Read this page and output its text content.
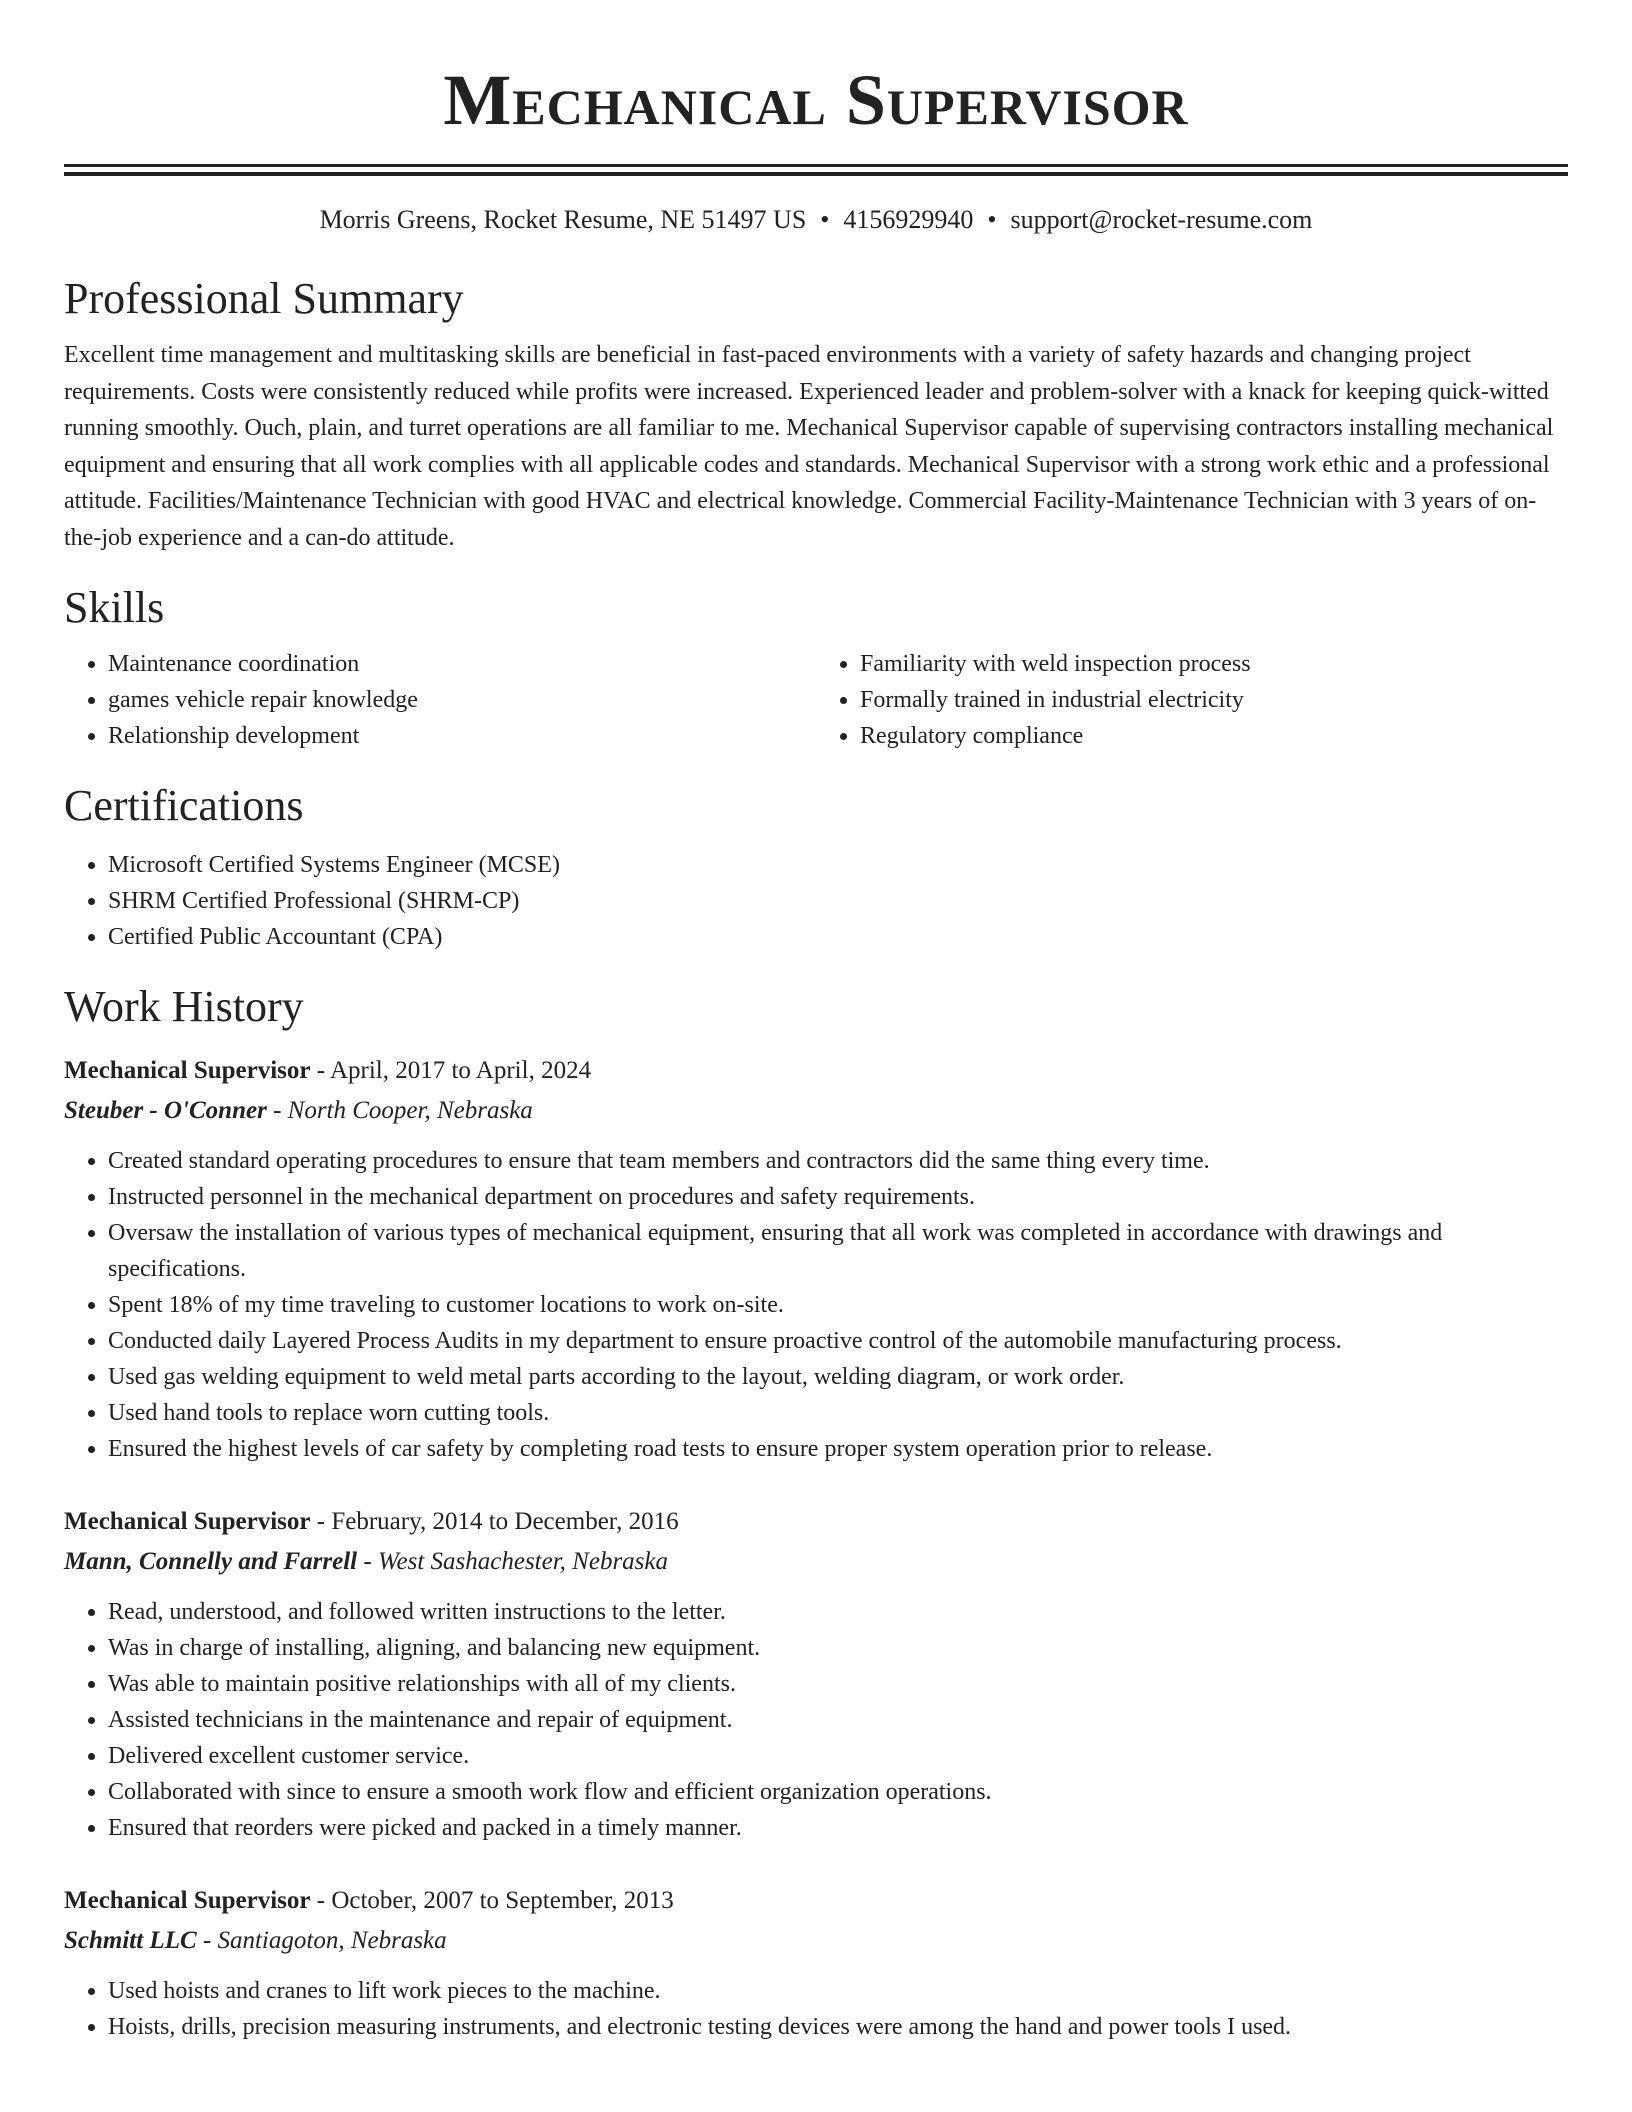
Mechanical Supervisor
Morris Greens, Rocket Resume, NE 51497 US • 4156929940 • support@rocket-resume.com
Professional Summary

Excellent time management and multitasking skills are beneficial in fast-paced environments with a variety of safety hazards and changing project requirements. Costs were consistently reduced while profits were increased. Experienced leader and problem-solver with a knack for keeping quick-witted running smoothly. Ouch, plain, and turret operations are all familiar to me. Mechanical Supervisor capable of supervising contractors installing mechanical equipment and ensuring that all work complies with all applicable codes and standards. Mechanical Supervisor with a strong work ethic and a professional attitude. Facilities/Maintenance Technician with good HVAC and electrical knowledge. Commercial Facility-Maintenance Technician with 3 years of on-the-job experience and a can-do attitude.

Skills
• Maintenance coordination
• games vehicle repair knowledge
• Relationship development
• Familiarity with weld inspection process
• Formally trained in industrial electricity
• Regulatory compliance
Certifications
• Microsoft Certified Systems Engineer (MCSE)
• SHRM Certified Professional (SHRM-CP)
• Certified Public Accountant (CPA)
Work History
Mechanical Supervisor - April, 2017 to April, 2024
Steuber - O'Conner - North Cooper, Nebraska
• Created standard operating procedures to ensure that team members and contractors did the same thing every time.
• Instructed personnel in the mechanical department on procedures and safety requirements.
• Oversaw the installation of various types of mechanical equipment, ensuring that all work was completed in accordance with drawings and specifications.
• Spent 18% of my time traveling to customer locations to work on-site.
• Conducted daily Layered Process Audits in my department to ensure proactive control of the automobile manufacturing process.
• Used gas welding equipment to weld metal parts according to the layout, welding diagram, or work order.
• Used hand tools to replace worn cutting tools.
• Ensured the highest levels of car safety by completing road tests to ensure proper system operation prior to release.
Mechanical Supervisor - February, 2014 to December, 2016
Mann, Connelly and Farrell - West Sashachester, Nebraska
• Read, understood, and followed written instructions to the letter.
• Was in charge of installing, aligning, and balancing new equipment.
• Was able to maintain positive relationships with all of my clients.
• Assisted technicians in the maintenance and repair of equipment.
• Delivered excellent customer service.
• Collaborated with since to ensure a smooth work flow and efficient organization operations.
• Ensured that reorders were picked and packed in a timely manner.
Mechanical Supervisor - October, 2007 to September, 2013
Schmitt LLC - Santiagoton, Nebraska
• Used hoists and cranes to lift work pieces to the machine.
• Hoists, drills, precision measuring instruments, and electronic testing devices were among the hand and power tools I used.
